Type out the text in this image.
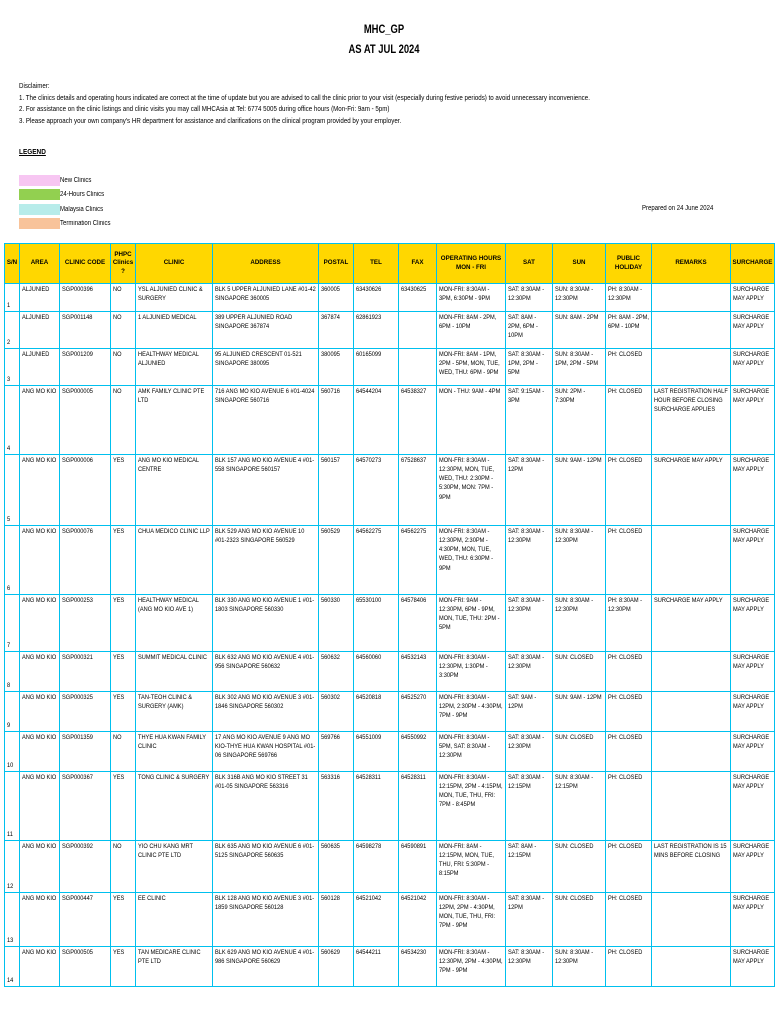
MHC_GP
AS AT JUL 2024
Disclaimer:
1. The clinics details and operating hours indicated are correct at the time of update but you are advised to call the clinic prior to your visit (especially during festive periods) to avoid unnecessary inconvenience.
2. For assistance on the clinic listings and clinic visits you may call MHCAsia at Tel: 6774 5005 during office hours (Mon-Fri: 9am - 5pm)
3. Please approach your own company's HR department for assistance and clarifications on the clinical program provided by your employer.
LEGEND
New Clinics
24-Hours Clinics
Malaysia Clinics
Termination Clinics
Prepared on 24 June 2024
S/N	AREA	CLINIC CODE	PHPC Clinics ?	CLINIC	ADDRESS	POSTAL	TEL	FAX	OPERATING HOURS MON - FRI	SAT	SUN	PUBLIC HOLIDAY	REMARKS	SURCHARGE

1	ALJUNIED	SGP000396	NO	YSL ALJUNIED CLINIC & SURGERY	BLK 5 UPPER ALJUNIED LANE #01-42 SINGAPORE 360005	360005	63430626	63430625	MON-FRI: 8:30AM - 3PM, 6:30PM - 9PM	SAT: 8:30AM - 12:30PM	SUN: 8:30AM - 12:30PM	PH: 8:30AM - 12:30PM		SURCHARGE MAY APPLY

2	ALJUNIED	SGP001148	NO	1 ALJUNIED MEDICAL	389 UPPER ALJUNIED ROAD SINGAPORE 367874	367874	62861923		MON-FRI: 8AM - 2PM, 6PM - 10PM	SAT: 8AM - 2PM, 6PM - 10PM	SUN: 8AM - 2PM	PH: 8AM - 2PM, 6PM - 10PM		SURCHARGE MAY APPLY

3	ALJUNIED	SGP001209	NO	HEALTHWAY MEDICAL ALJUNIED	95 ALJUNIED CRESCENT 01-521 SINGAPORE 380095	380095	60165099		MON-FRI: 8AM - 1PM, 2PM - 5PM, MON, TUE, WED, THU: 6PM - 9PM	SAT: 8:30AM - 1PM, 2PM - 5PM	SUN: 8:30AM - 1PM, 2PM - 5PM	PH: CLOSED		SURCHARGE MAY APPLY

4	ANG MO KIO	SGP000005	NO	AMK FAMILY CLINIC PTE LTD	716 ANG MO KIO AVENUE 6 #01-4024 SINGAPORE 560716	560716	64544204	64538327	MON - THU: 9AM - 4PM	SAT: 9:15AM - 3PM	SUN: 2PM - 7:30PM	PH: CLOSED	LAST REGISTRATION HALF HOUR BEFORE CLOSING SURCHARGE APPLIES	SURCHARGE MAY APPLY

5	ANG MO KIO	SGP000006	YES	ANG MO KIO MEDICAL CENTRE	BLK 157 ANG MO KIO AVENUE 4 #01-558 SINGAPORE 560157	560157	64570273	67528637	MON-FRI: 8:30AM - 12:30PM, MON, TUE, WED, THU: 2:30PM - 5:30PM, MON: 7PM - 9PM	SAT: 8:30AM - 12PM	SUN: 9AM - 12PM	PH: CLOSED	SURCHARGE MAY APPLY	SURCHARGE MAY APPLY

6	ANG MO KIO	SGP000076	YES	CHUA MEDICO CLINIC LLP	BLK 529 ANG MO KIO AVENUE 10 #01-2323 SINGAPORE 560529	560529	64562275	64562275	MON-FRI: 8:30AM - 12:30PM, 2:30PM - 4:30PM, MON, TUE, WED, THU: 6:30PM - 9PM	SAT: 8:30AM - 12:30PM	SUN: 8:30AM - 12:30PM	PH: CLOSED		SURCHARGE MAY APPLY

7	ANG MO KIO	SGP000253	YES	HEALTHWAY MEDICAL (ANG MO KIO AVE 1)	BLK 330 ANG MO KIO AVENUE 1 #01-1803 SINGAPORE 560330	560330	65530100	64578406	MON-FRI: 9AM - 12:30PM, 6PM - 9PM, MON, TUE, THU: 2PM - 5PM	SAT: 8:30AM - 12:30PM	SUN: 8:30AM - 12:30PM	PH: 8:30AM - 12:30PM	SURCHARGE MAY APPLY	SURCHARGE MAY APPLY

8	ANG MO KIO	SGP000321	YES	SUMMIT MEDICAL CLINIC	BLK 632 ANG MO KIO AVENUE 4 #01-956 SINGAPORE 560632	560632	64560060	64532143	MON-FRI: 8:30AM - 12:30PM, 1:30PM - 3:30PM	SAT: 8:30AM - 12:30PM	SUN: CLOSED	PH: CLOSED		SURCHARGE MAY APPLY

9	ANG MO KIO	SGP000325	YES	TAN-TEOH CLINIC & SURGERY (AMK)	BLK 302 ANG MO KIO AVENUE 3 #01-1846 SINGAPORE 560302	560302	64520818	64525270	MON-FRI: 8:30AM - 12PM, 2:30PM - 4:30PM, 7PM - 9PM	SAT: 9AM - 12PM	SUN: 9AM - 12PM	PH: CLOSED		SURCHARGE MAY APPLY

10	ANG MO KIO	SGP001359	NO	THYE HUA KWAN FAMILY CLINIC	17 ANG MO KIO AVENUE 9 ANG MO KIO-THYE HUA KWAN HOSPITAL #01-06 SINGAPORE 569766	569766	64551009	64550992	MON-FRI: 8:30AM - 5PM, SAT: 8:30AM - 12:30PM	SAT: 8:30AM - 12:30PM	SUN: CLOSED	PH: CLOSED		SURCHARGE MAY APPLY

11	ANG MO KIO	SGP000367	YES	TONG CLINIC & SURGERY	BLK 316B ANG MO KIO STREET 31 #01-05 SINGAPORE 563316	563316	64528311	64528311	MON-FRI: 8:30AM - 12:15PM, 2PM - 4:15PM, MON, TUE, THU, FRI: 7PM - 8:45PM	SAT: 8:30AM - 12:15PM	SUN: 8:30AM - 12:15PM	PH: CLOSED		SURCHARGE MAY APPLY

12	ANG MO KIO	SGP000392	NO	YIO CHU KANG MRT CLINIC PTE LTD	BLK 635 ANG MO KIO AVENUE 6 #01-5125 SINGAPORE 560635	560635	64598278	64590891	MON-FRI: 8AM - 12:15PM, MON, TUE, THU, FRI: 5:30PM - 8:15PM	SAT: 8AM - 12:15PM	SUN: CLOSED	PH: CLOSED	LAST REGISTRATION IS 15 MINS BEFORE CLOSING	SURCHARGE MAY APPLY

13	ANG MO KIO	SGP000447	YES	EE CLINIC	BLK 128 ANG MO KIO AVENUE 3 #01-1859 SINGAPORE 560128	560128	64521042	64521042	MON-FRI: 8:30AM - 12PM, 2PM - 4:30PM, MON, TUE, THU, FRI: 7PM - 9PM	SAT: 8:30AM - 12PM	SUN: CLOSED	PH: CLOSED		SURCHARGE MAY APPLY

14	ANG MO KIO	SGP000505	YES	TAN MEDICARE CLINIC PTE LTD	BLK 629 ANG MO KIO AVENUE 4 #01-986 SINGAPORE 560629	560629	64544211	64534230	MON-FRI: 8:30AM - 12:30PM, 2PM - 4:30PM, 7PM - 9PM	SAT: 8:30AM - 12:30PM	SUN: 8:30AM - 12:30PM	PH: CLOSED		SURCHARGE MAY APPLY
